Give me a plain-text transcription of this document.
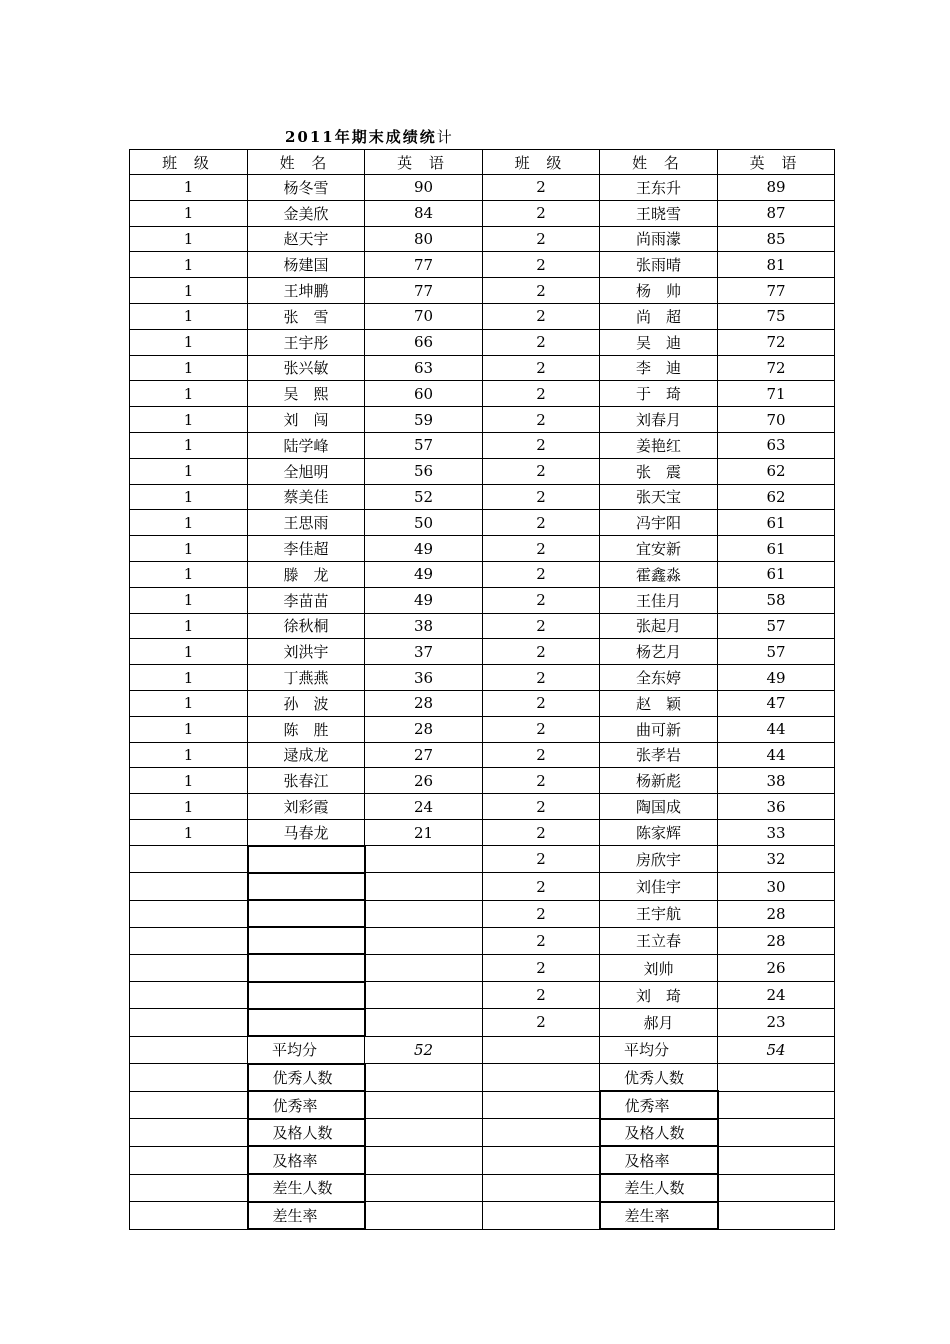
2011年期末成绩统计
班 级	姓 名	英 语	班 级	姓 名	英 语
1	杨冬雪	90	2	王东升	89
1	金美欣	84	2	王晓雪	87
1	赵天宇	80	2	尚雨濛	85
1	杨建国	77	2	张雨晴	81
1	王坤鹏	77	2	杨　帅	77
1	张　雪	70	2	尚　超	75
1	王宇彤	66	2	吴　迪	72
1	张兴敏	63	2	李　迪	72
1	吴　熙	60	2	于　琦	71
1	刘　闯	59	2	刘春月	70
1	陆学峰	57	2	姜艳红	63
1	全旭明	56	2	张　震	62
1	蔡美佳	52	2	张天宝	62
1	王思雨	50	2	冯宇阳	61
1	李佳超	49	2	宜安新	61
1	滕　龙	49	2	霍鑫淼	61
1	李苗苗	49	2	王佳月	58
1	徐秋桐	38	2	张起月	57
1	刘洪宇	37	2	杨艺月	57
1	丁燕燕	36	2	全东婷	49
1	孙　波	28	2	赵　颖	47
1	陈　胜	28	2	曲可新	44
1	逯成龙	27	2	张孝岩	44
1	张春江	26	2	杨新彪	38
1	刘彩霞	24	2	陶国成	36
1	马春龙	21	2	陈家辉	33
			2	房欣宇	32
			2	刘佳宇	30
			2	王宇航	28
			2	王立春	28
			2	刘帅	26
			2	刘　琦	24
			2	郝月	23
	平均分	52		平均分	54
	优秀人数			优秀人数	
	优秀率			优秀率	
	及格人数			及格人数	
	及格率			及格率	
	差生人数			差生人数	
	差生率			差生率	
